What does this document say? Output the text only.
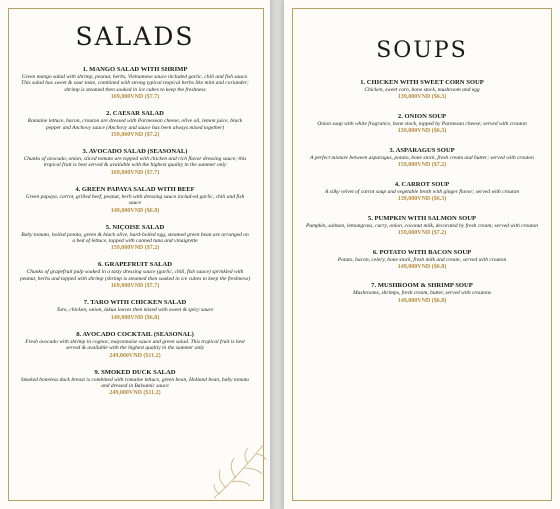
SALADS
1. MANGO SALAD WITH SHRIMP
Green mango salad with shrimp, peanut, herbs, Vietnamese sauce included garlic, chili and fish sauce. This salad has sweet & sour taste, combined with strong typical tropical herbs like mint and coriander; shrimp is steamed then soaked in ice cubes to keep the freshness
169,000VND ($7.7)
2. CAESAR SALAD
Romaine lettuce, bacon, crouton are dressed with Parmesean cheese, olive oil, lemon juice, black pepper and Anchovy sauce (Anchovy and sauce has been always mixed together)
159,000VND ($7.2)
3. AVOCADO SALAD (SEASONAL)
Chunks of avocado, onion, sliced tomato are topped with chicken and rich flavor dressing sauce; this tropical fruit is best served & available with the highest quality in the summer only
169,000VND ($7.7)
4. GREEN PAPAYA SALAD WITH BEEF
Green papaya, carrot, grilled beef, peanut, herb with dressing sauce includ-ed garlic, chili and fish sauce
149,000VND ($6.8)
5. NIÇOISE SALAD
Baby tomato, boiled potato, green & black olive, hard-boiled egg, steamed green bean are arranged on a bed of lettuce, topped with canned tuna and vinaigrette
159,000VND ($7.2)
6. GRAPEFRUIT SALAD
Chunks of grapefruit pulp soaked in a tasty dressing sauce (garlic, chili, fish sauce) sprinkled with peanut, herbs and topped with shrimp (shrimp is steamed then soaked in ice cubes to keep the freshness)
169,000VND ($7.7)
7. TARO WITH CHICKEN SALAD
Taro, chicken, onion, lakua leaves then mixed with sweet & spicy sauce
149,000VND ($6.8)
8. AVOCADO COCKTAIL (SEASONAL)
Fresh avocado with shrimp in cognac, mayonnaise sauce and green salad. This tropical fruit is best served & available with the highest quality in the summer only
249,000VND ($11.2)
9. SMOKED DUCK SALAD
Smoked boneless duck breast is combined with romaine lettuce, green bean, Holland bean, baby tomato and dressed in Balsamic sauce
249,000VND ($11.2)
SOUPS
1. CHICKEN WITH SWEET CORN SOUP
Chicken, sweet corn, bone stock, mushroom and egg
139,000VND ($6.3)
2. ONION SOUP
Onion soup with white fragrance, bone stock, topped by Parmesan cheese; served with crouton
139,000VND ($6.3)
3. ASPARAGUS SOUP
A perfect mixture between asparagus, potato, bone stock, fresh cream and butter; served with crouton
159,000VND ($7.2)
4. CARROT SOUP
A silky velvet of carrot soup and vegetable broth with ginger flavor; served with crouton
139,000VND ($6.3)
5. PUMPKIN WITH SALMON SOUP
Pumpkin, salmon, lemongrass, curry, onion, coconut milk, decorated by fresh cream; served with crouton
159,000VND ($7.2)
6. POTATO WITH BACON SOUP
Potato, bacon, celery, bone stock, fresh milk and cream; served with crouton
149,000VND ($6.8)
7. MUSHROOM & SHRIMP SOUP
Mushrooms, shrimps, fresh cream, butter, served with croutons
149,000VND ($6.8)
